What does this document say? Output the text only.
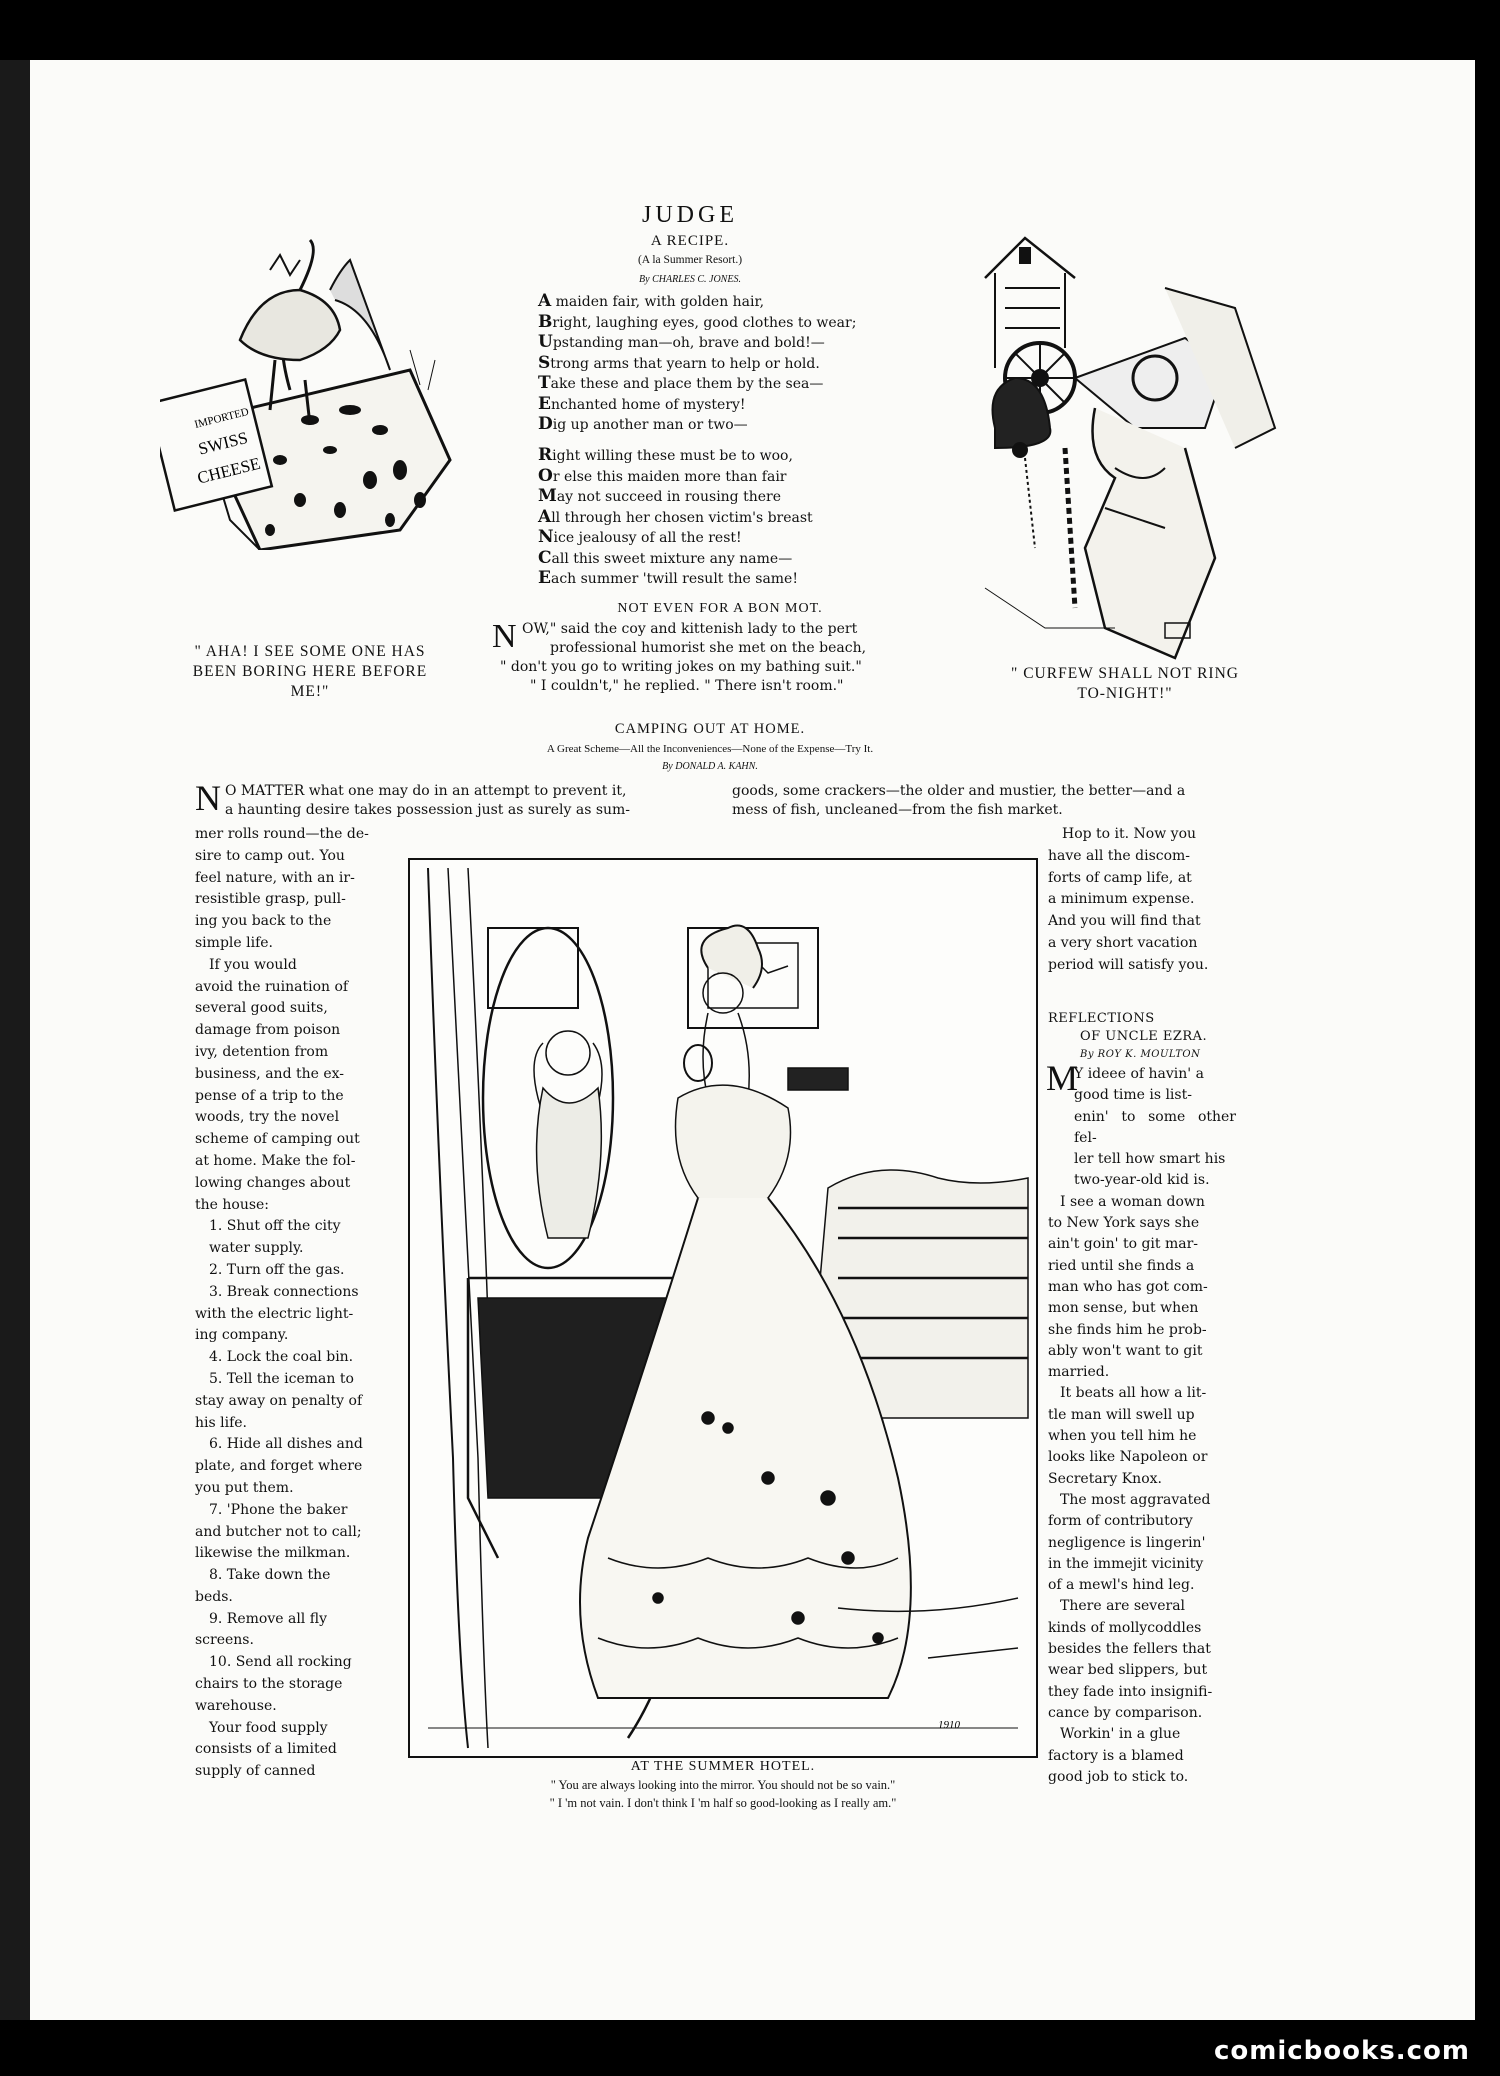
JUDGE
A RECIPE.
(A la Summer Resort.)
By CHARLES C. JONES.
A maiden fair, with golden hair,
Bright, laughing eyes, good clothes to wear;
Upstanding man—oh, brave and bold!—
Strong arms that yearn to help or hold.
Take these and place them by the sea—
Enchanted home of mystery!
Dig up another man or two—
Right willing these must be to woo,
Or else this maiden more than fair
May not succeed in rousing there
All through her chosen victim's breast
Nice jealousy of all the rest!
Call this sweet mixture any name—
Each summer 'twill result the same!
NOT EVEN FOR A BON MOT.
N OW," said the coy and kittenish lady to the pert
professional humorist she met on the beach,
" don't you go to writing jokes on my bathing suit."
" I couldn't," he replied. " There isn't room."
CAMPING OUT AT HOME.
A Great Scheme—All the Inconveniences—None of the Expense—Try It.
By DONALD A. KAHN.
N O MATTER what one may do in an attempt to prevent it,
a haunting desire takes possession just as surely as sum-
goods, some crackers—the older and mustier, the better—and a
mess of fish, uncleaned—from the fish market.
mer rolls round—the de-
sire to camp out. You
feel nature, with an ir-
resistible grasp, pull-
ing you back to the
simple life.
If you would
avoid the ruination of
several good suits,
damage from poison
ivy, detention from
business, and the ex-
pense of a trip to the
woods, try the novel
scheme of camping out
at home. Make the fol-
lowing changes about
the house:
1. Shut off the city
water supply.
2. Turn off the gas.
3. Break connections
with the electric light-
ing company.
4. Lock the coal bin.
5. Tell the iceman to
stay away on penalty of
his life.
6. Hide all dishes and
plate, and forget where
you put them.
7. 'Phone the baker
and butcher not to call;
likewise the milkman.
8. Take down the
beds.
9. Remove all fly
screens.
10. Send all rocking
chairs to the storage
warehouse.
Your food supply
consists of a limited
supply of canned
Hop to it. Now you
have all the discom-
forts of camp life, at
a minimum expense.
And you will find that
a very short vacation
period will satisfy you.
REFLECTIONS
OF UNCLE EZRA.
By ROY K. MOULTON
M
Y ideee of havin' a
good time is list-
enin' to some other fel-
ler tell how smart his
two-year-old kid is.
I see a woman down
to New York says she
ain't goin' to git mar-
ried until she finds a
man who has got com-
mon sense, but when
she finds him he prob-
ably won't want to git
married.
It beats all how a lit-
tle man will swell up
when you tell him he
looks like Napoleon or
Secretary Knox.
The most aggravated
form of contributory
negligence is lingerin'
in the immejit vicinity
of a mewl's hind leg.
There are several
kinds of mollycoddles
besides the fellers that
wear bed slippers, but
they fade into insignifi-
cance by comparison.
Workin' in a glue
factory is a blamed
good job to stick to.
IMPORTED
SWISS
CHEESE
" AHA! I SEE SOME ONE HAS
BEEN BORING HERE BEFORE
ME!"
" CURFEW SHALL NOT RING
TO-NIGHT!"
1910
AT THE SUMMER HOTEL.
" You are always looking into the mirror. You should not be so vain."
" I 'm not vain. I don't think I 'm half so good-looking as I really am."
comicbooks.com
